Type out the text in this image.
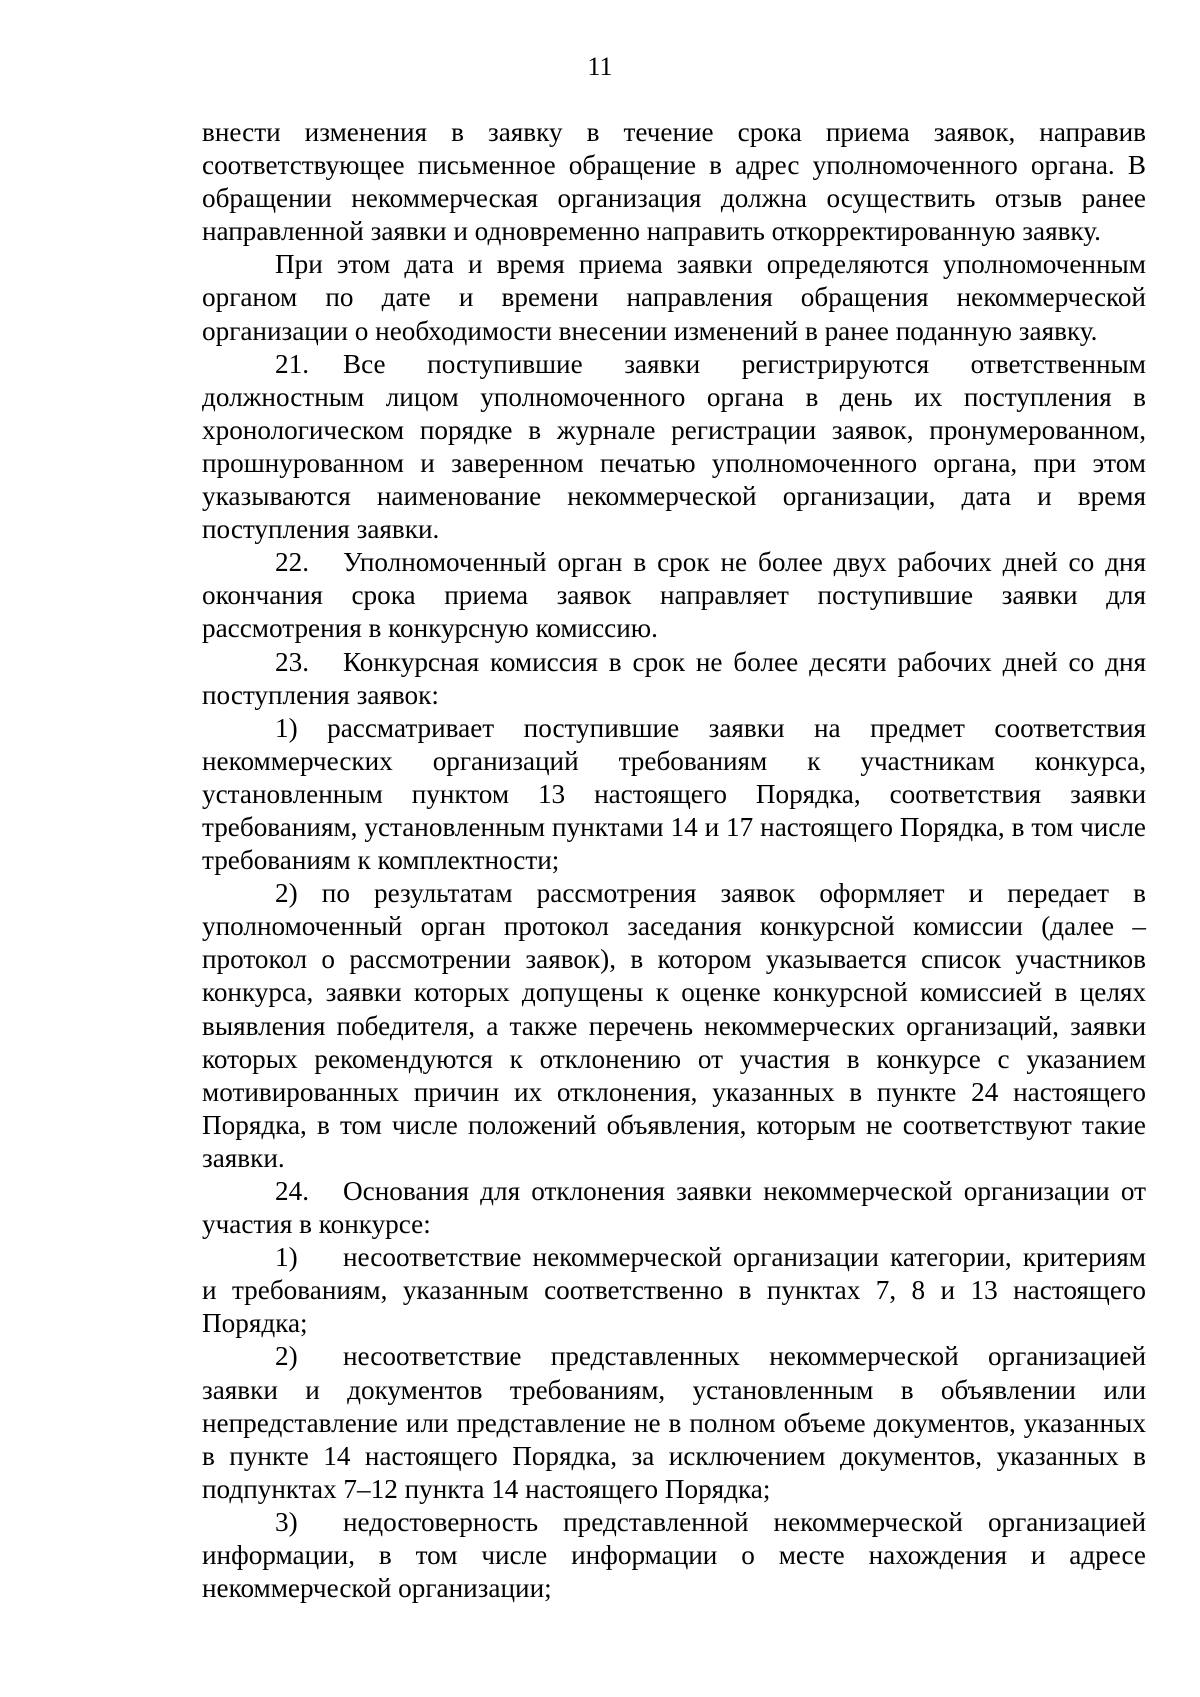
11

внести изменения в заявку в течение срока приема заявок, направив соответствующее письменное обращение в адрес уполномоченного органа. В обращении некоммерческая организация должна осуществить отзыв ранее направленной заявки и одновременно направить откорректированную заявку.

При этом дата и время приема заявки определяются уполномоченным органом по дате и времени направления обращения некоммерческой организации о необходимости внесении изменений в ранее поданную заявку.

21. Все поступившие заявки регистрируются ответственным должностным лицом уполномоченного органа в день их поступления в хронологическом порядке в журнале регистрации заявок, пронумерованном, прошнурованном и заверенном печатью уполномоченного органа, при этом указываются наименование некоммерческой организации, дата и время поступления заявки.

22. Уполномоченный орган в срок не более двух рабочих дней со дня окончания срока приема заявок направляет поступившие заявки для рассмотрения в конкурсную комиссию.

23. Конкурсная комиссия в срок не более десяти рабочих дней со дня поступления заявок:

1) рассматривает поступившие заявки на предмет соответствия некоммерческих организаций требованиям к участникам конкурса, установленным пунктом 13 настоящего Порядка, соответствия заявки требованиям, установленным пунктами 14 и 17 настоящего Порядка, в том числе требованиям к комплектности;

2) по результатам рассмотрения заявок оформляет и передает в уполномоченный орган протокол заседания конкурсной комиссии (далее – протокол о рассмотрении заявок), в котором указывается список участников конкурса, заявки которых допущены к оценке конкурсной комиссией в целях выявления победителя, а также перечень некоммерческих организаций, заявки которых рекомендуются к отклонению от участия в конкурсе с указанием мотивированных причин их отклонения, указанных в пункте 24 настоящего Порядка, в том числе положений объявления, которым не соответствуют такие заявки.

24. Основания для отклонения заявки некоммерческой организации от участия в конкурсе:

1) несоответствие некоммерческой организации категории, критериям и требованиям, указанным соответственно в пунктах 7, 8 и 13 настоящего Порядка;

2) несоответствие представленных некоммерческой организацией заявки и документов требованиям, установленным в объявлении или непредставление или представление не в полном объеме документов, указанных в пункте 14 настоящего Порядка, за исключением документов, указанных в подпунктах 7–12 пункта 14 настоящего Порядка;

3) недостоверность представленной некоммерческой организацией информации, в том числе информации о месте нахождения и адресе некоммерческой организации;
